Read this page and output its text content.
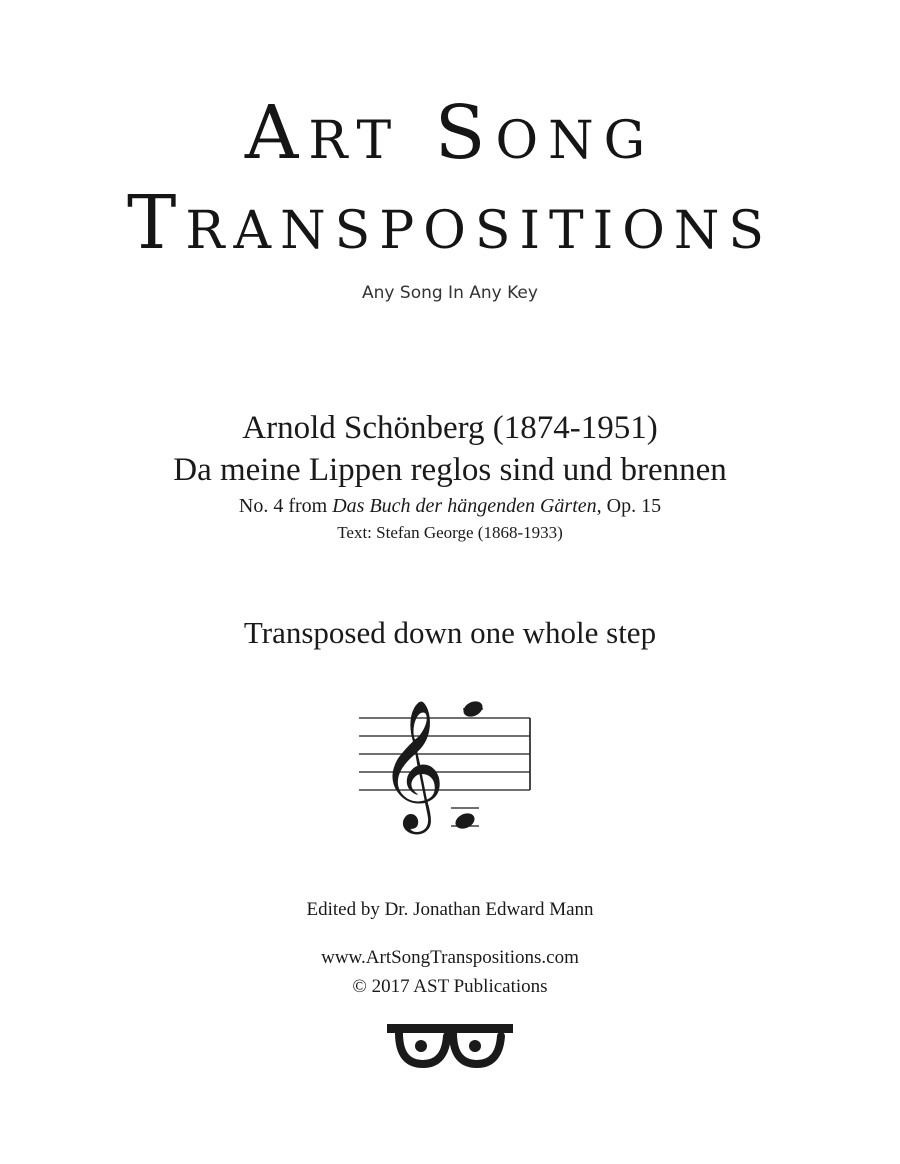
Art Song
Transpositions
Any Song In Any Key
Arnold Schönberg (1874-1951)
Da meine Lippen reglos sind und brennen
No. 4 from Das Buch der hängenden Gärten, Op. 15
Text: Stefan George (1868-1933)
Transposed down one whole step
𝄞
Edited by Dr. Jonathan Edward Mann
www.ArtSongTranspositions.com
© 2017 AST Publications
